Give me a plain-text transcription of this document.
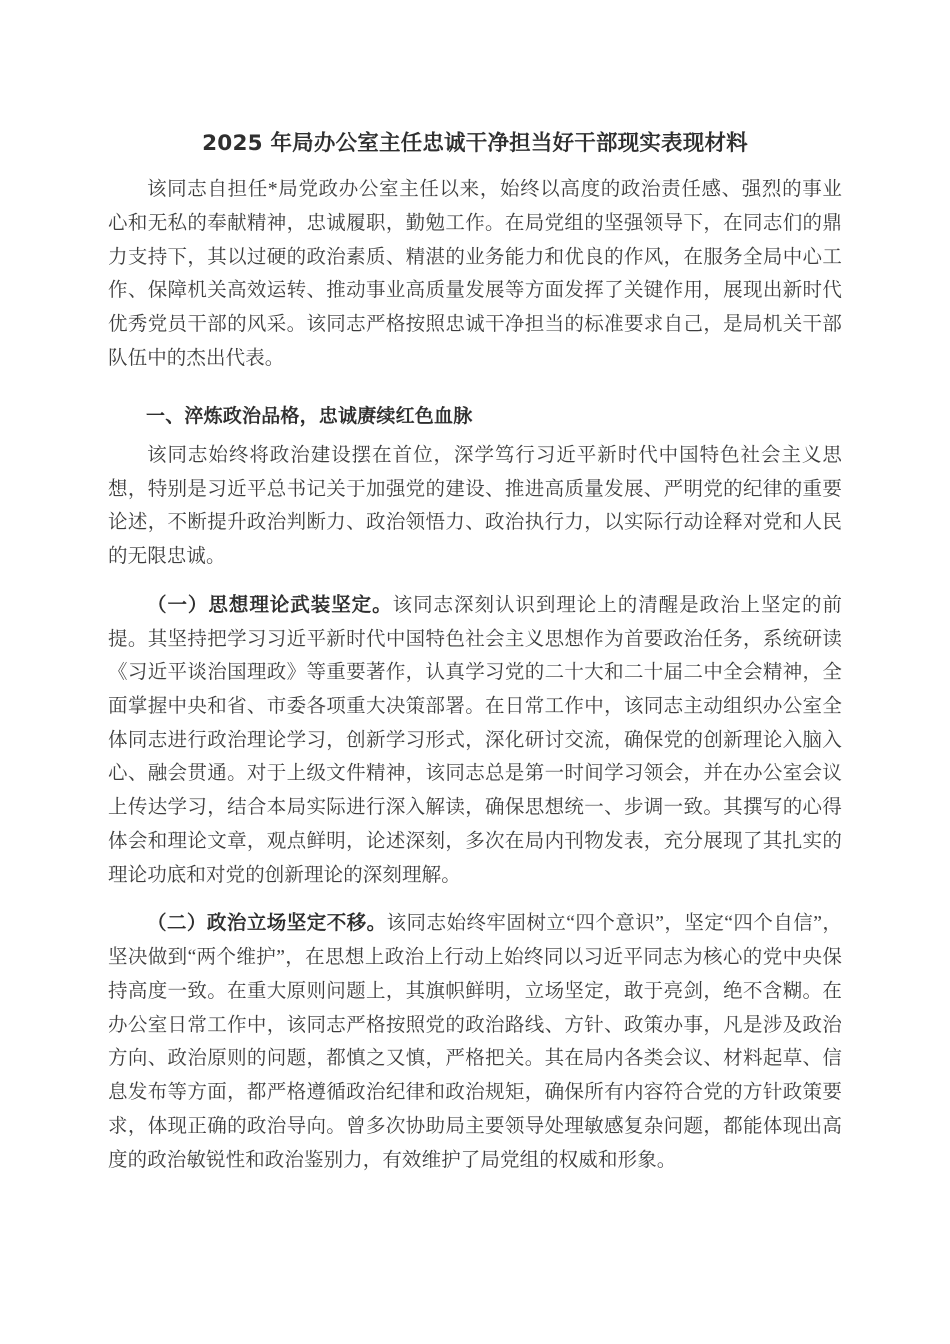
2025 年局办公室主任忠诚干净担当好干部现实表现材料

该同志自担任*局党政办公室主任以来，始终以高度的政治责任感、强烈的事业心和无私的奉献精神，忠诚履职，勤勉工作。在局党组的坚强领导下，在同志们的鼎力支持下，其以过硬的政治素质、精湛的业务能力和优良的作风，在服务全局中心工作、保障机关高效运转、推动事业高质量发展等方面发挥了关键作用，展现出新时代优秀党员干部的风采。该同志严格按照忠诚干净担当的标准要求自己，是局机关干部队伍中的杰出代表。

一、淬炼政治品格，忠诚赓续红色血脉

该同志始终将政治建设摆在首位，深学笃行习近平新时代中国特色社会主义思想，特别是习近平总书记关于加强党的建设、推进高质量发展、严明党的纪律的重要论述，不断提升政治判断力、政治领悟力、政治执行力，以实际行动诠释对党和人民的无限忠诚。

（一）思想理论武装坚定。该同志深刻认识到理论上的清醒是政治上坚定的前提。其坚持把学习习近平新时代中国特色社会主义思想作为首要政治任务，系统研读《习近平谈治国理政》等重要著作，认真学习党的二十大和二十届二中全会精神，全面掌握中央和省、市委各项重大决策部署。在日常工作中，该同志主动组织办公室全体同志进行政治理论学习，创新学习形式，深化研讨交流，确保党的创新理论入脑入心、融会贯通。对于上级文件精神，该同志总是第一时间学习领会，并在办公室会议上传达学习，结合本局实际进行深入解读，确保思想统一、步调一致。其撰写的心得体会和理论文章，观点鲜明，论述深刻，多次在局内刊物发表，充分展现了其扎实的理论功底和对党的创新理论的深刻理解。

（二）政治立场坚定不移。该同志始终牢固树立“四个意识”，坚定“四个自信”，坚决做到“两个维护”，在思想上政治上行动上始终同以习近平同志为核心的党中央保持高度一致。在重大原则问题上，其旗帜鲜明，立场坚定，敢于亮剑，绝不含糊。在办公室日常工作中，该同志严格按照党的政治路线、方针、政策办事，凡是涉及政治方向、政治原则的问题，都慎之又慎，严格把关。其在局内各类会议、材料起草、信息发布等方面，都严格遵循政治纪律和政治规矩，确保所有内容符合党的方针政策要求，体现正确的政治导向。曾多次协助局主要领导处理敏感复杂问题，都能体现出高度的政治敏锐性和政治鉴别力，有效维护了局党组的权威和形象。
